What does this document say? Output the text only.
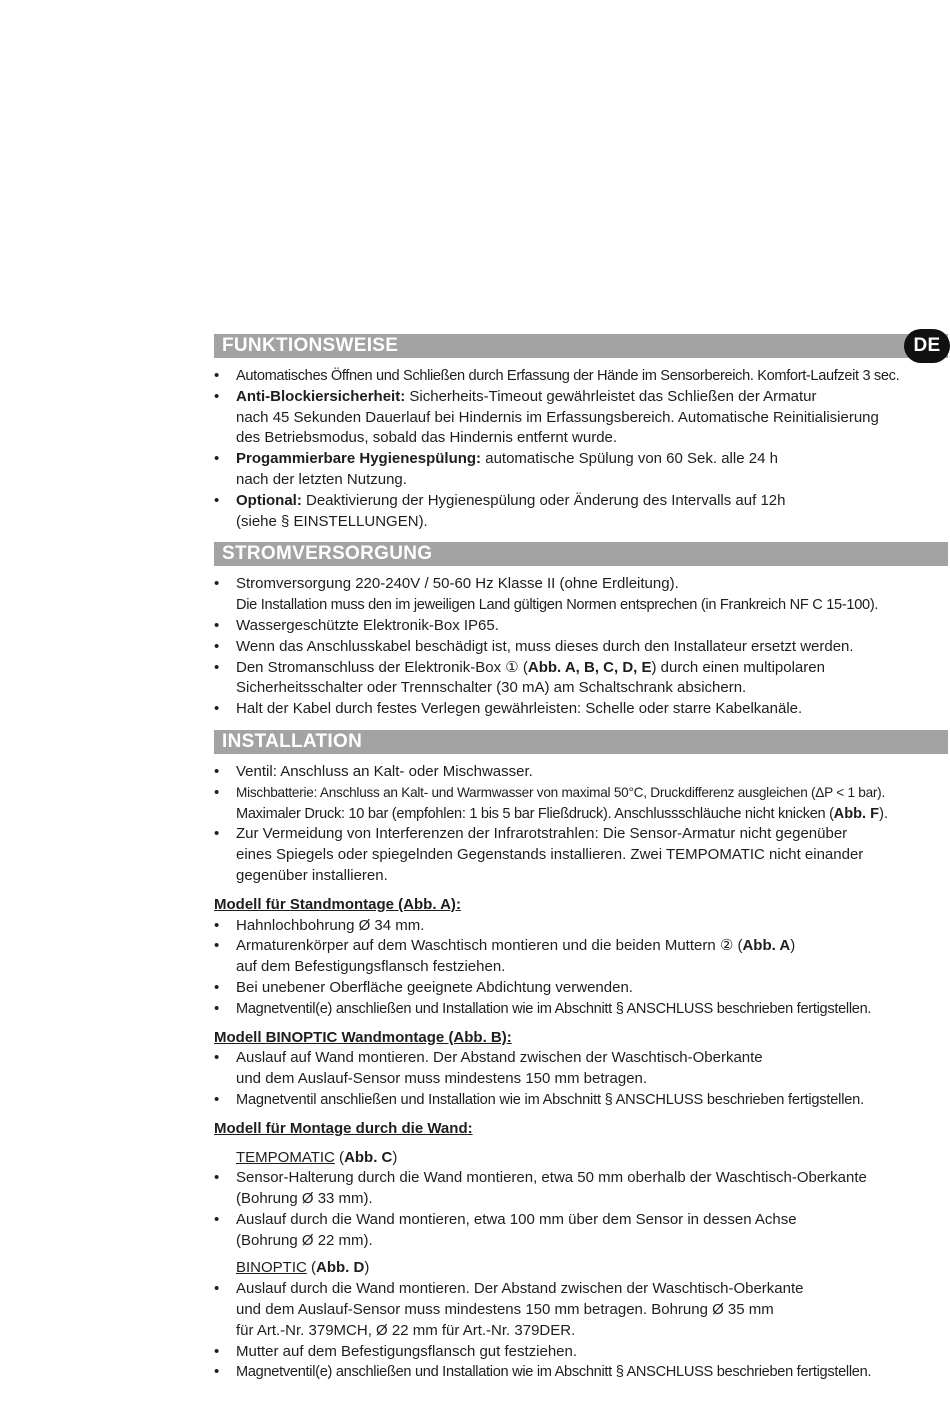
FUNKTIONSWEISE	DE
• Automatisches Öffnen und Schließen durch Erfassung der Hände im Sensorbereich. Komfort-Laufzeit 3 sec.
• Anti-Blockiersicherheit: Sicherheits-Timeout gewährleistet das Schließen der Armatur
nach 45 Sekunden Dauerlauf bei Hindernis im Erfassungsbereich. Automatische Reinitialisierung
des Betriebsmodus, sobald das Hindernis entfernt wurde.
• Progammierbare Hygienespülung: automatische Spülung von 60 Sek. alle 24 h
nach der letzten Nutzung.
• Optional: Deaktivierung der Hygienespülung oder Änderung des Intervalls auf 12h
(siehe § EINSTELLUNGEN).
STROMVERSORGUNG
• Stromversorgung 220-240V / 50-60 Hz Klasse II (ohne Erdleitung).
Die Installation muss den im jeweiligen Land gültigen Normen entsprechen (in Frankreich NF C 15-100).
• Wassergeschützte Elektronik-Box IP65.
• Wenn das Anschlusskabel beschädigt ist, muss dieses durch den Installateur ersetzt werden.
• Den Stromanschluss der Elektronik-Box ① (Abb. A, B, C, D, E) durch einen multipolaren
Sicherheitsschalter oder Trennschalter (30 mA) am Schaltschrank absichern.
• Halt der Kabel durch festes Verlegen gewährleisten: Schelle oder starre Kabelkanäle.
INSTALLATION
• Ventil: Anschluss an Kalt- oder Mischwasser.
• Mischbatterie: Anschluss an Kalt- und Warmwasser von maximal 50°C, Druckdifferenz ausgleichen (ΔP < 1 bar).
Maximaler Druck: 10 bar (empfohlen: 1 bis 5 bar Fließdruck). Anschlussschläuche nicht knicken (Abb. F).
• Zur Vermeidung von Interferenzen der Infrarotstrahlen: Die Sensor-Armatur nicht gegenüber
eines Spiegels oder spiegelnden Gegenstands installieren. Zwei TEMPOMATIC nicht einander
gegenüber installieren.
Modell für Standmontage (Abb. A):
• Hahnlochbohrung Ø 34 mm.
• Armaturenkörper auf dem Waschtisch montieren und die beiden Muttern ② (Abb. A)
auf dem Befestigungsflansch festziehen.
• Bei unebener Oberfläche geeignete Abdichtung verwenden.
• Magnetventil(e) anschließen und Installation wie im Abschnitt § ANSCHLUSS beschrieben fertigstellen.
Modell BINOPTIC Wandmontage (Abb. B):
• Auslauf auf Wand montieren. Der Abstand zwischen der Waschtisch-Oberkante
und dem Auslauf-Sensor muss mindestens 150 mm betragen.
• Magnetventil anschließen und Installation wie im Abschnitt § ANSCHLUSS beschrieben fertigstellen.
Modell für Montage durch die Wand:
TEMPOMATIC (Abb. C)
• Sensor-Halterung durch die Wand montieren, etwa 50 mm oberhalb der Waschtisch-Oberkante
(Bohrung Ø 33 mm).
• Auslauf durch die Wand montieren, etwa 100 mm über dem Sensor in dessen Achse
(Bohrung Ø 22 mm).
BINOPTIC (Abb. D)
• Auslauf durch die Wand montieren. Der Abstand zwischen der Waschtisch-Oberkante
und dem Auslauf-Sensor muss mindestens 150 mm betragen. Bohrung Ø 35 mm
für Art.-Nr. 379MCH, Ø 22 mm für Art.-Nr. 379DER.
• Mutter auf dem Befestigungsflansch gut festziehen.
• Magnetventil(e) anschließen und Installation wie im Abschnitt § ANSCHLUSS beschrieben fertigstellen.
